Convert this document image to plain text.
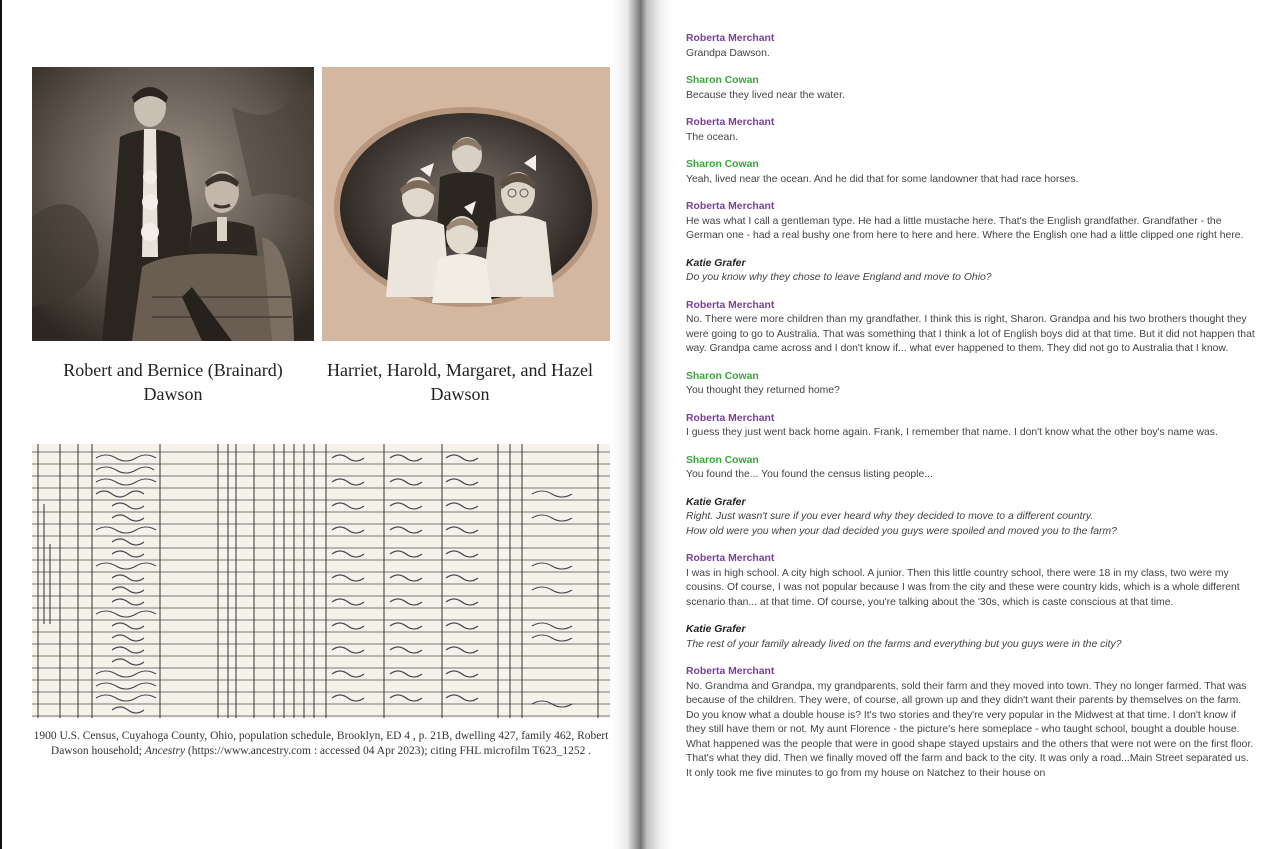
Robert and Bernice (Brainard) Dawson
Harriet, Harold, Margaret, and Hazel Dawson
1900 U.S. Census, Cuyahoga County, Ohio, population schedule, Brooklyn, ED 4 , p. 21B, dwelling 427, family 462, Robert Dawson household; Ancestry (https://www.ancestry.com : accessed 04 Apr 2023); citing FHL microfilm T623_1252 .
Roberta Merchant
Grandpa Dawson.
Sharon Cowan
Because they lived near the water.
Roberta Merchant
The ocean.
Sharon Cowan
Yeah, lived near the ocean. And he did that for some landowner that had race horses.
Roberta Merchant
He was what I call a gentleman type. He had a little mustache here. That's the English grandfather. Grandfather - the German one - had a real bushy one from here to here and here. Where the English one had a little clipped one right here.
Katie Grafer
Do you know why they chose to leave England and move to Ohio?
Roberta Merchant
No. There were more children than my grandfather. I think this is right, Sharon. Grandpa and his two brothers thought they were going to go to Australia. That was something that I think a lot of English boys did at that time. But it did not happen that way. Grandpa came across and I don't know if... what ever happened to them. They did not go to Australia that I know.
Sharon Cowan
You thought they returned home?
Roberta Merchant
I guess they just went back home again. Frank, I remember that name. I don't know what the other boy's name was.
Sharon Cowan
You found the... You found the census listing people...
Katie Grafer
Right. Just wasn't sure if you ever heard why they decided to move to a different country.
How old were you when your dad decided you guys were spoiled and moved you to the farm?
Roberta Merchant
I was in high school. A city high school. A junior. Then this little country school, there were 18 in my class, two were my cousins. Of course, I was not popular because I was from the city and these were country kids, which is a whole different scenario than... at that time. Of course, you're talking about the '30s, which is caste conscious at that time.
Katie Grafer
The rest of your family already lived on the farms and everything but you guys were in the city?
Roberta Merchant
No. Grandma and Grandpa, my grandparents, sold their farm and they moved into town. They no longer farmed. That was because of the children. They were, of course, all grown up and they didn't want their parents by themselves on the farm. Do you know what a double house is? It's two stories and they're very popular in the Midwest at that time. I don't know if they still have them or not. My aunt Florence - the picture's here someplace - who taught school, bought a double house. What happened was the people that were in good shape stayed upstairs and the others that were not were on the first floor. That's what they did. Then we finally moved off the farm and back to the city. It was only a road...Main Street separated us. It only took me five minutes to go from my house on Natchez to their house on
